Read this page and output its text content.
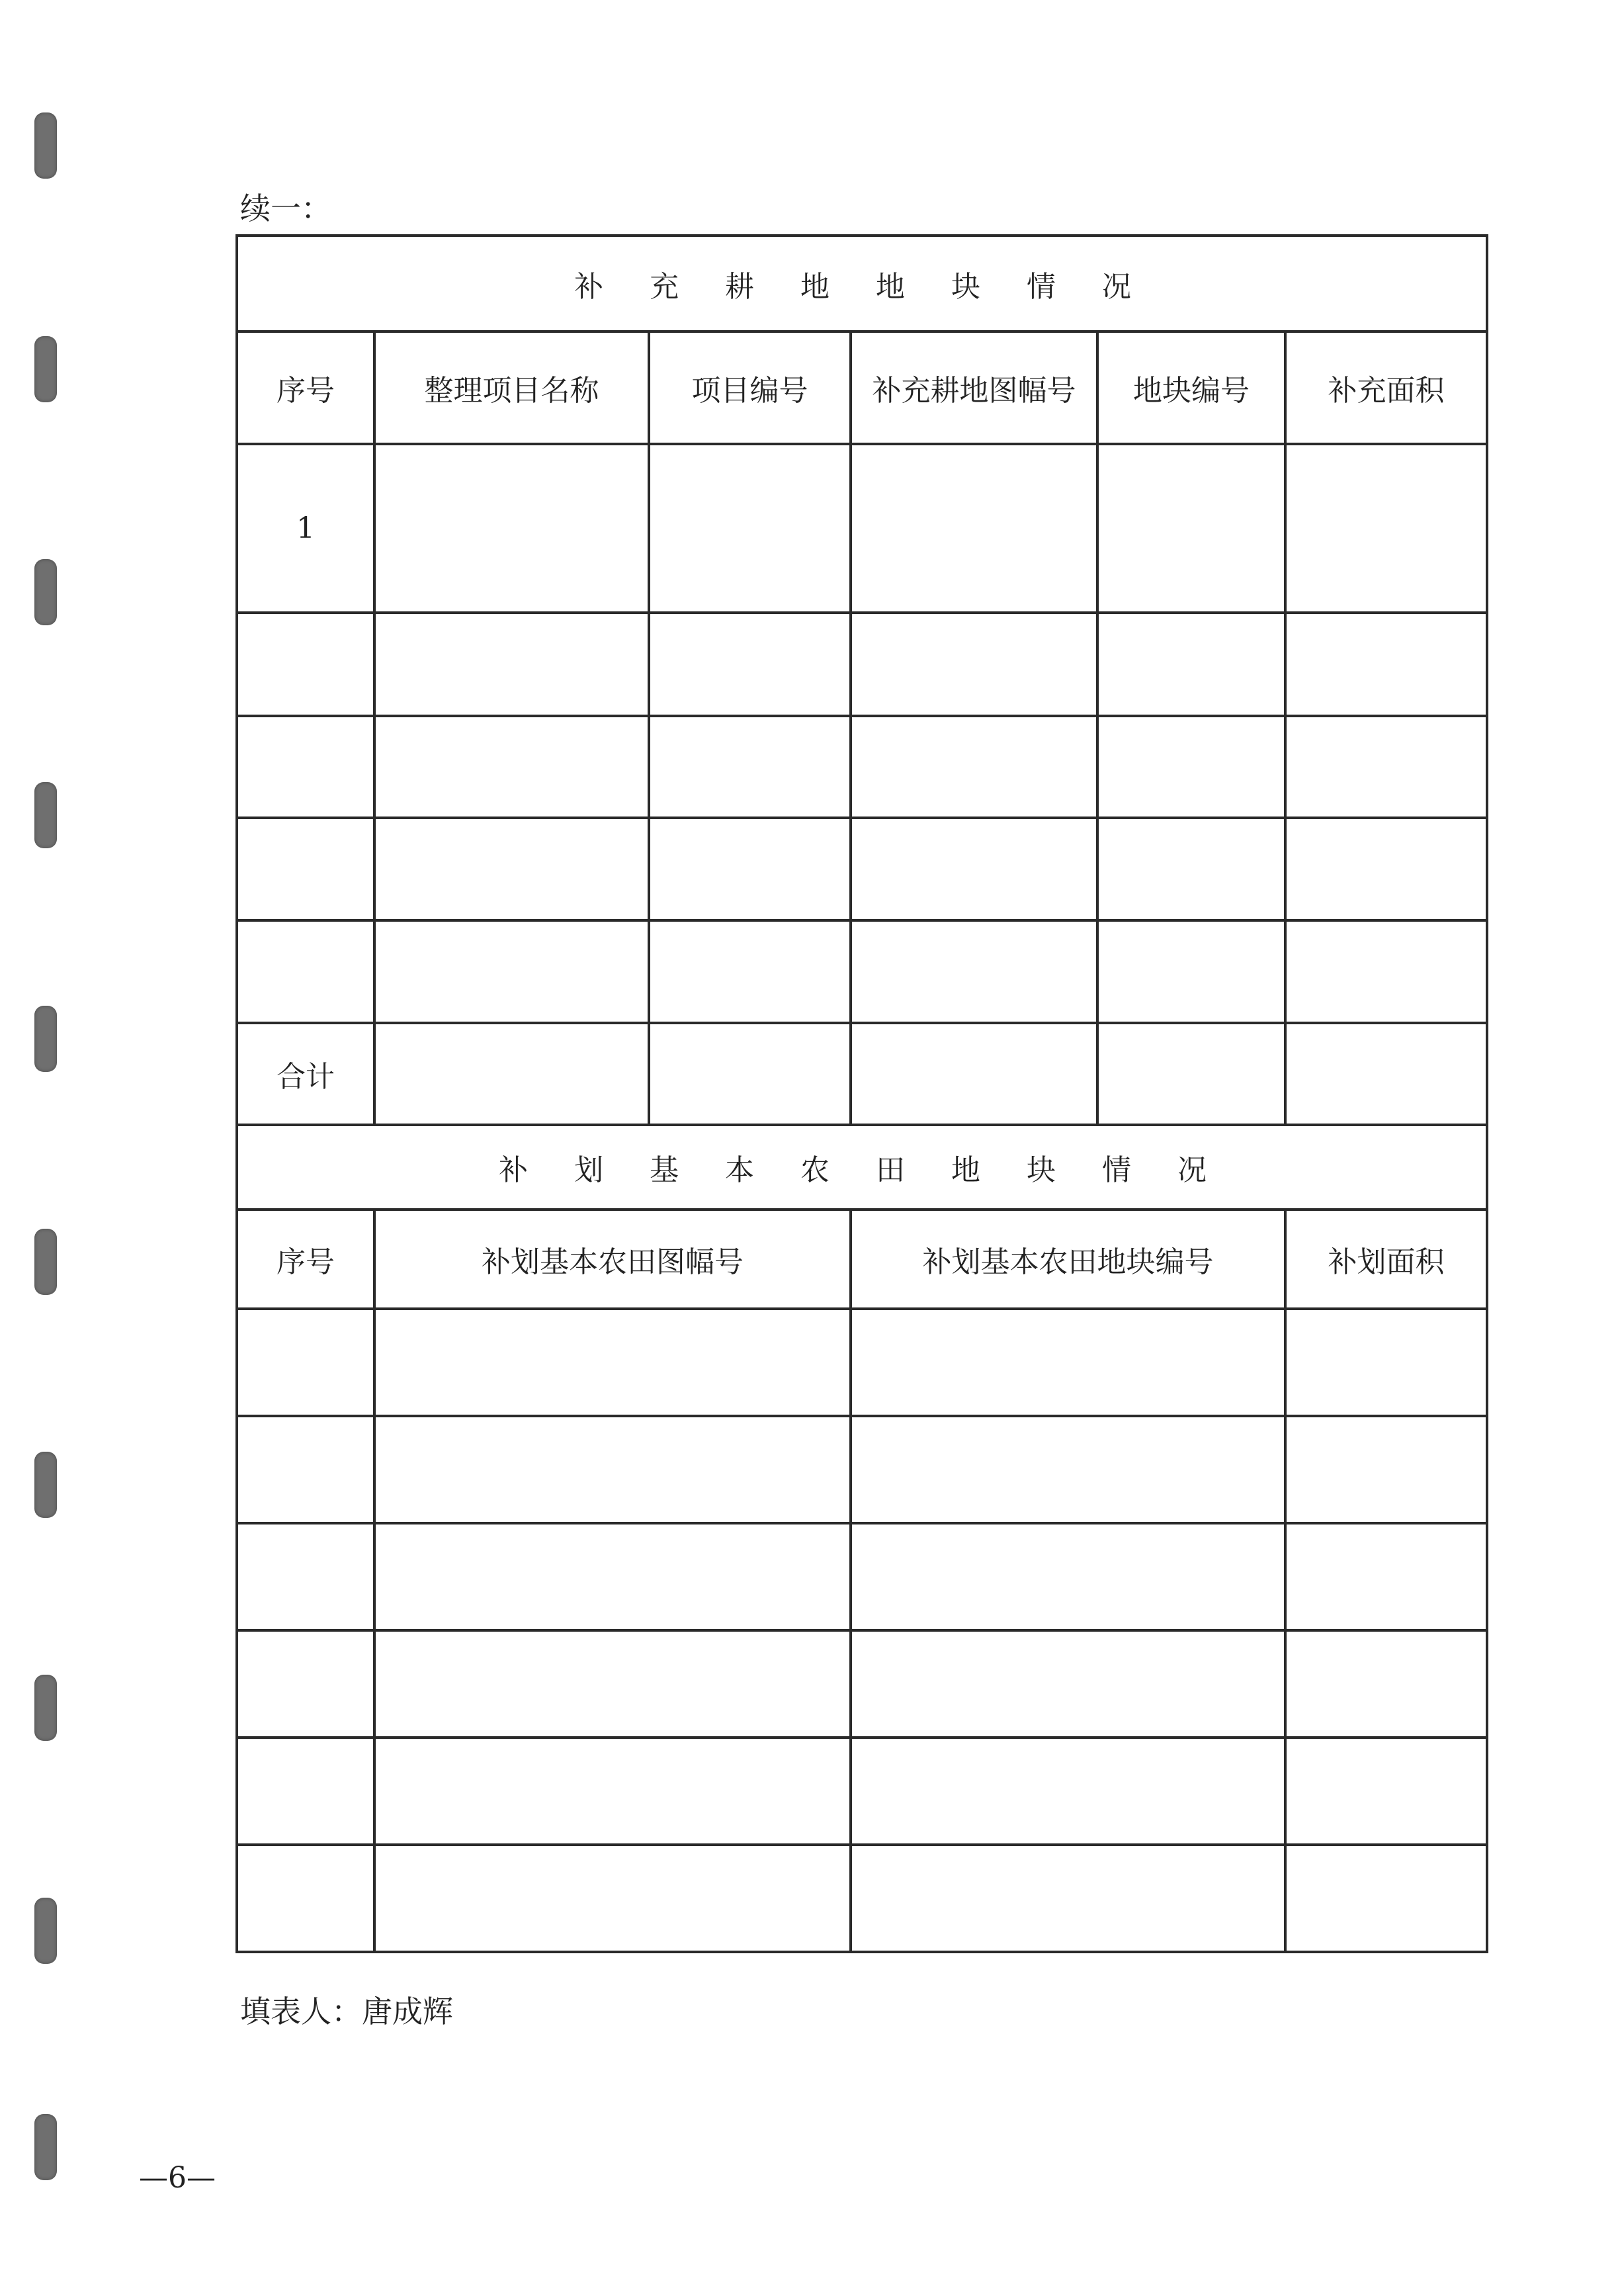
续一：
补 充 耕 地 地 块 情 况					
序号	整理项目名称	项目编号	补充耕地图幅号	地块编号	补充面积
1					

合计					
补 划 基 本 农 田 地 块 情 况					
序号	补划基本农田图幅号		补划基本农田地块编号		补划面积

填表人：唐成辉
—6—
